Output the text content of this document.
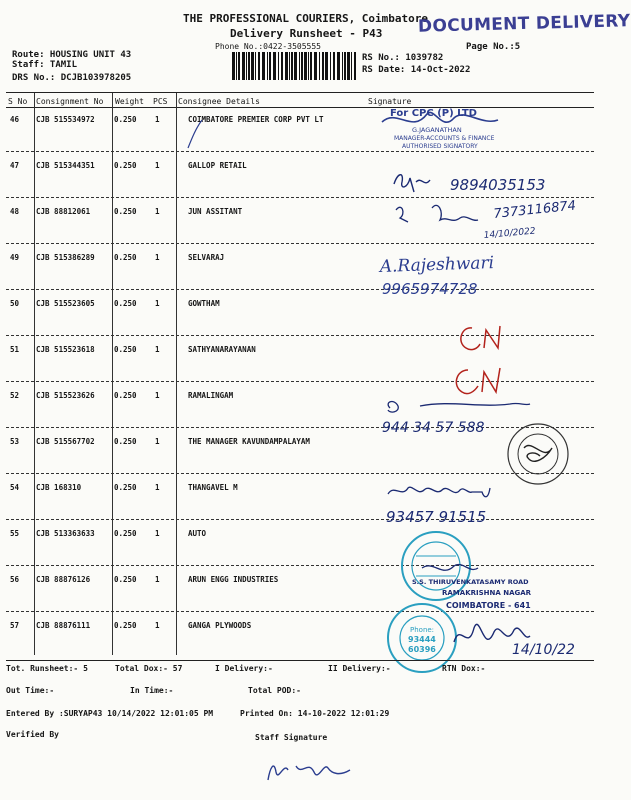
THE PROFESSIONAL COURIERS, Coimbatore
Delivery Runsheet - P43
Phone No.:0422-3505555
DOCUMENT DELIVERY
Route: HOUSING UNIT 43
Staff: TAMIL
DRS No.: DCJB103978205
Page No.:5
RS No.: 1039782
RS Date: 14-Oct-2022
S No Consignment No Weight PCS Consignee Details	Signature
46 CJB 515534972	0.250 1	COIMBATORE PREMIER CORP PVT LT
47 CJB 515344351	0.250 1	GALLOP RETAIL
48 CJB 88812061	0.250 1	JUN ASSITANT
49 CJB 515386289	0.250 1	SELVARAJ
50 CJB 515523605	0.250 1	GOWTHAM
51 CJB 515523618	0.250 1	SATHYANARAYANAN
52 CJB 515523626	0.250 1	RAMALINGAM
53 CJB 515567702	0.250 1	THE MANAGER KAVUNDAMPALAYAM
54 CJB 168310	0.250 1	THANGAVEL M
55 CJB 513363633	0.250 1	AUTO
56 CJB 88876126	0.250 1	ARUN ENGG INDUSTRIES
57 CJB 88876111	0.250 1	GANGA PLYWOODS
For CPC (P) LTD
G.JAGANATHAN
MANAGER-ACCOUNTS & FINANCE
AUTHORISED SIGNATORY
9894035153
7373116874
14/10/2022
A.Rajeshwari
9965974728
944 34 57 588
93457 91515
S.S. THIRUVENKATASAMY ROAD
RAMAKRISHNA NAGAR
COIMBATORE - 641
Phone:
93444
60396	14/10/22
Tot. Runsheet:- 5	Total Dox:- 57	I Delivery:-	II Delivery:-	RTN Dox:-
Out Time:-	In Time:-	Total POD:-
Entered By :SURYAP43 10/14/2022 12:01:05 PM	Printed On: 14-10-2022 12:01:29
Verified By	Staff Signature
